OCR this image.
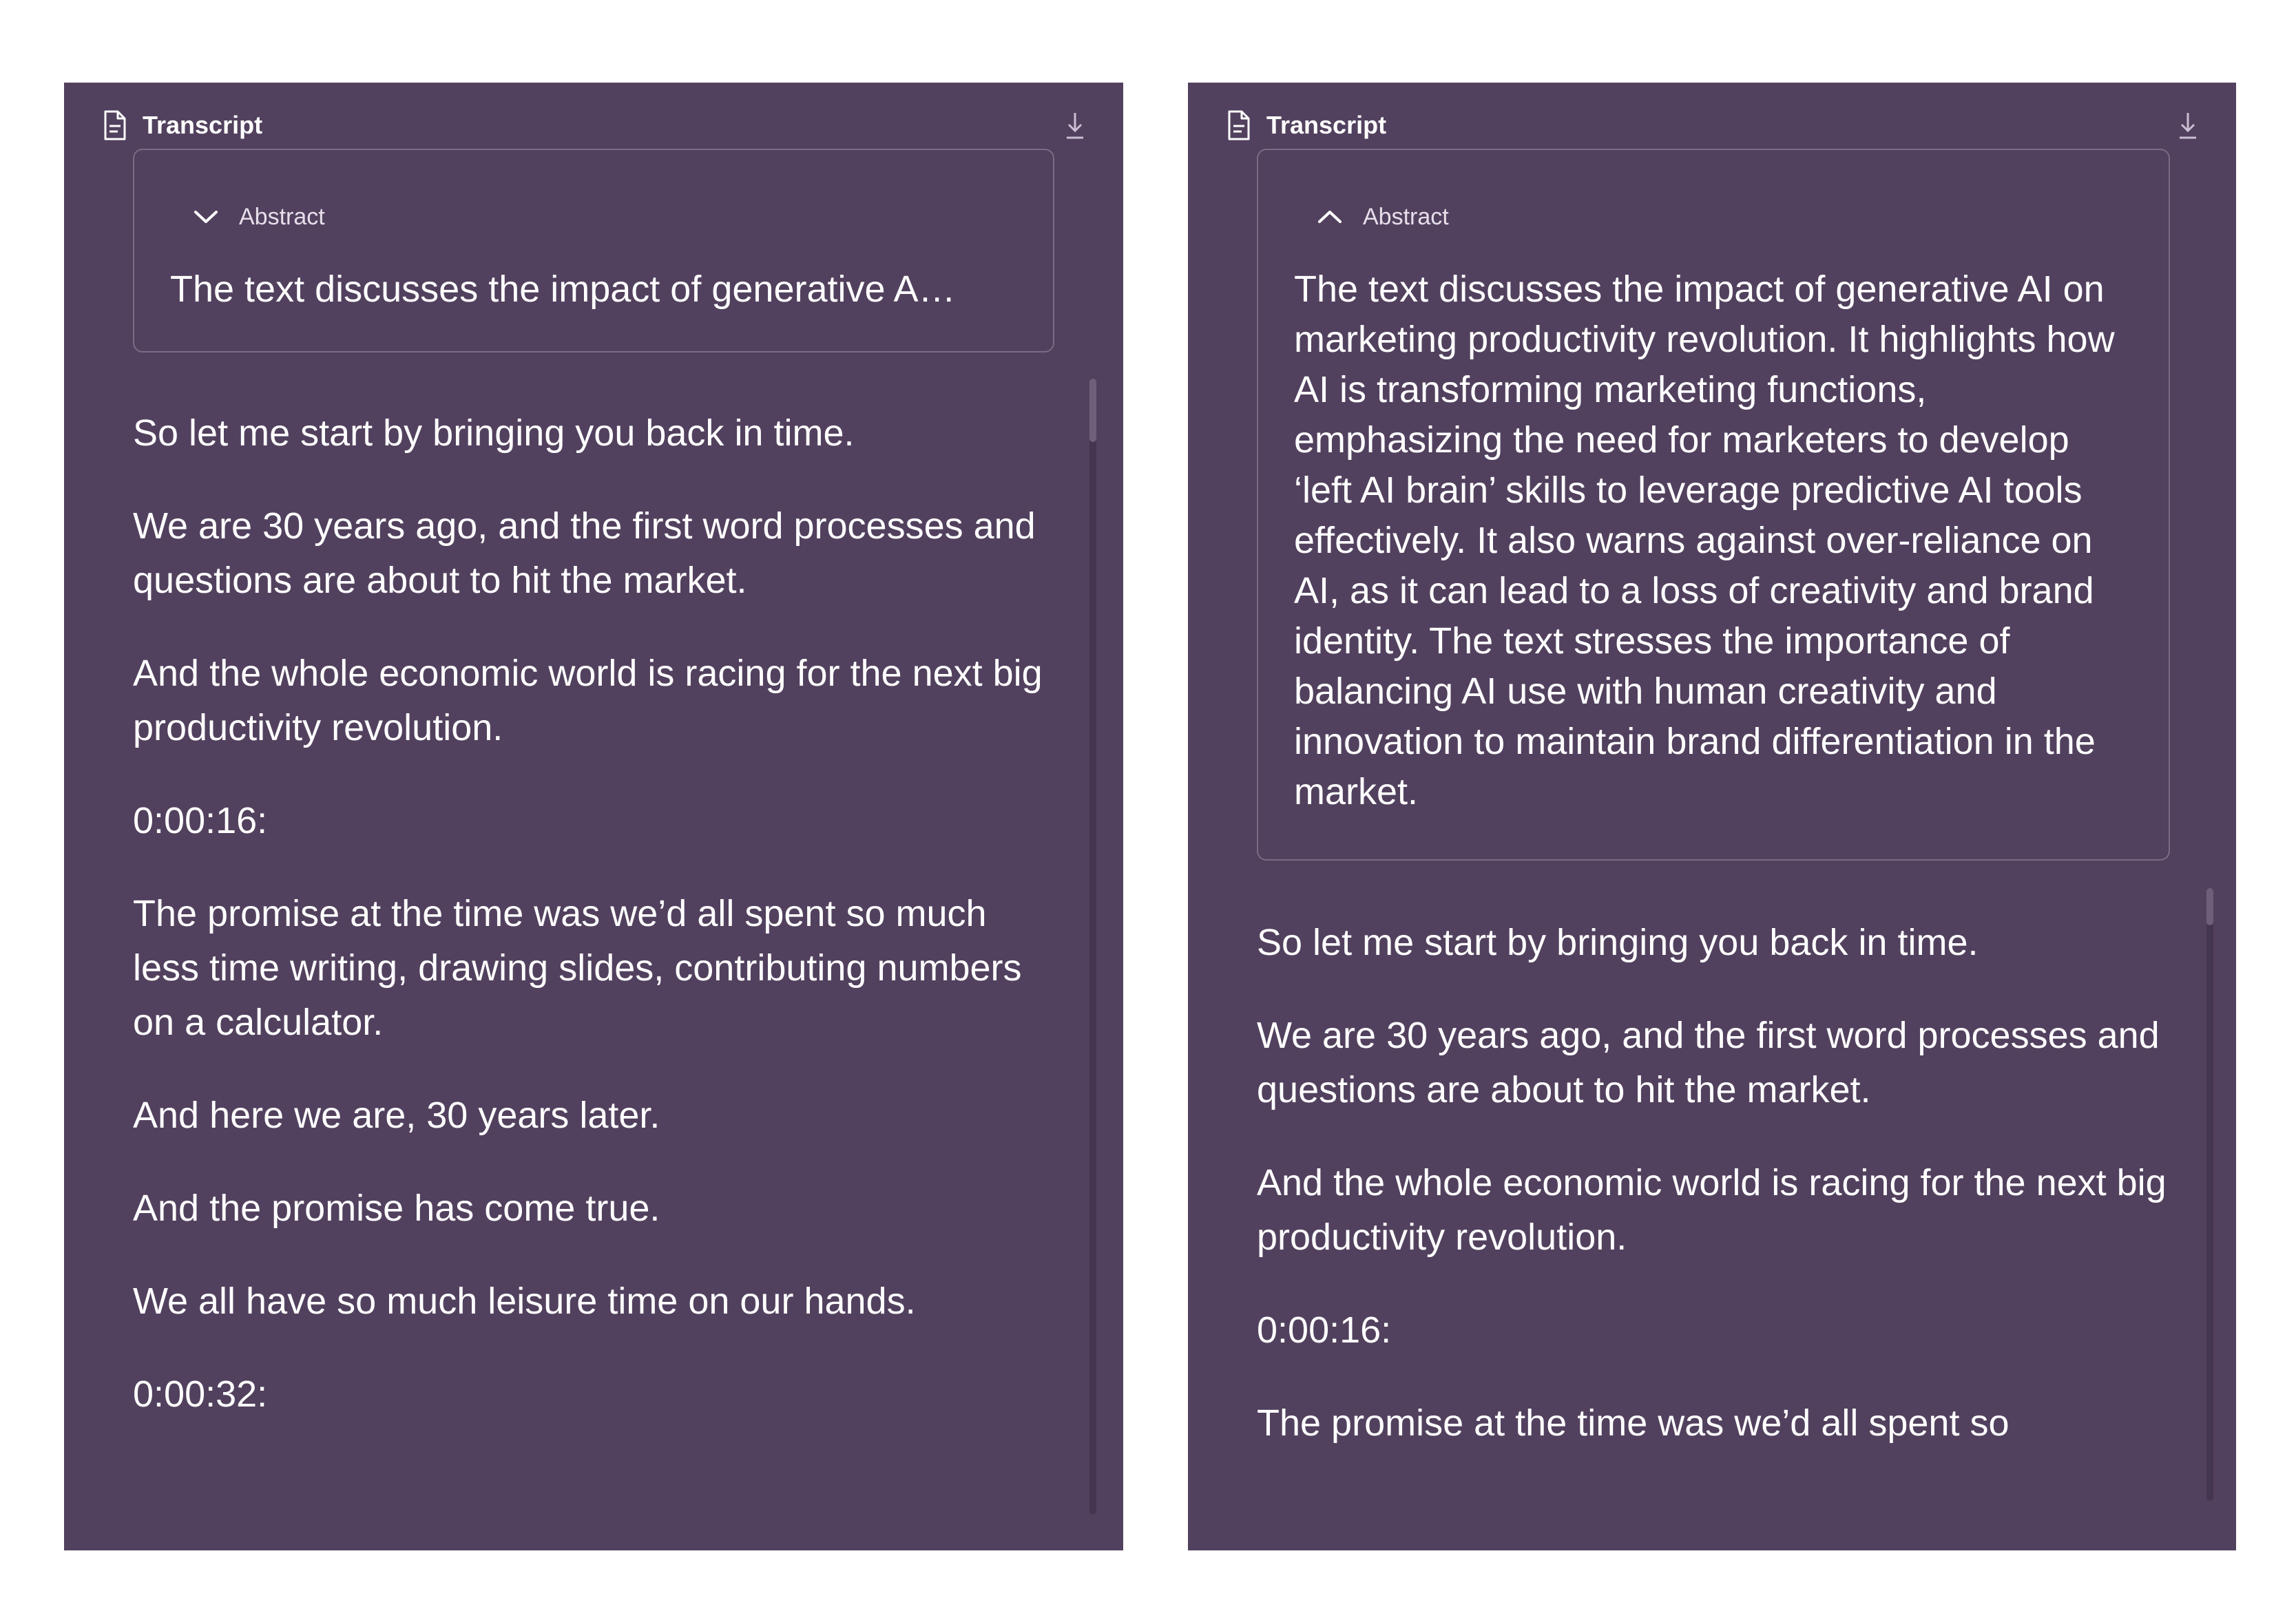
Transcript
Abstract
The text discusses the impact of generative A…

So let me start by bringing you back in time.

We are 30 years ago, and the first word processes and questions are about to hit the market.

And the whole economic world is racing for the next big productivity revolution.

0:00:16:

The promise at the time was we’d all spent so much less time writing, drawing slides, contributing numbers on a calculator.

And here we are, 30 years later.

And the promise has come true.

We all have so much leisure time on our hands.

0:00:32:

Transcript
Abstract
The text discusses the impact of generative AI on marketing productivity revolution. It highlights how AI is transforming marketing functions, emphasizing the need for marketers to develop ‘left AI brain’ skills to leverage predictive AI tools effectively. It also warns against over-reliance on AI, as it can lead to a loss of creativity and brand identity. The text stresses the importance of balancing AI use with human creativity and innovation to maintain brand differentiation in the market.

So let me start by bringing you back in time.

We are 30 years ago, and the first word processes and questions are about to hit the market.

And the whole economic world is racing for the next big productivity revolution.

0:00:16:

The promise at the time was we’d all spent so
